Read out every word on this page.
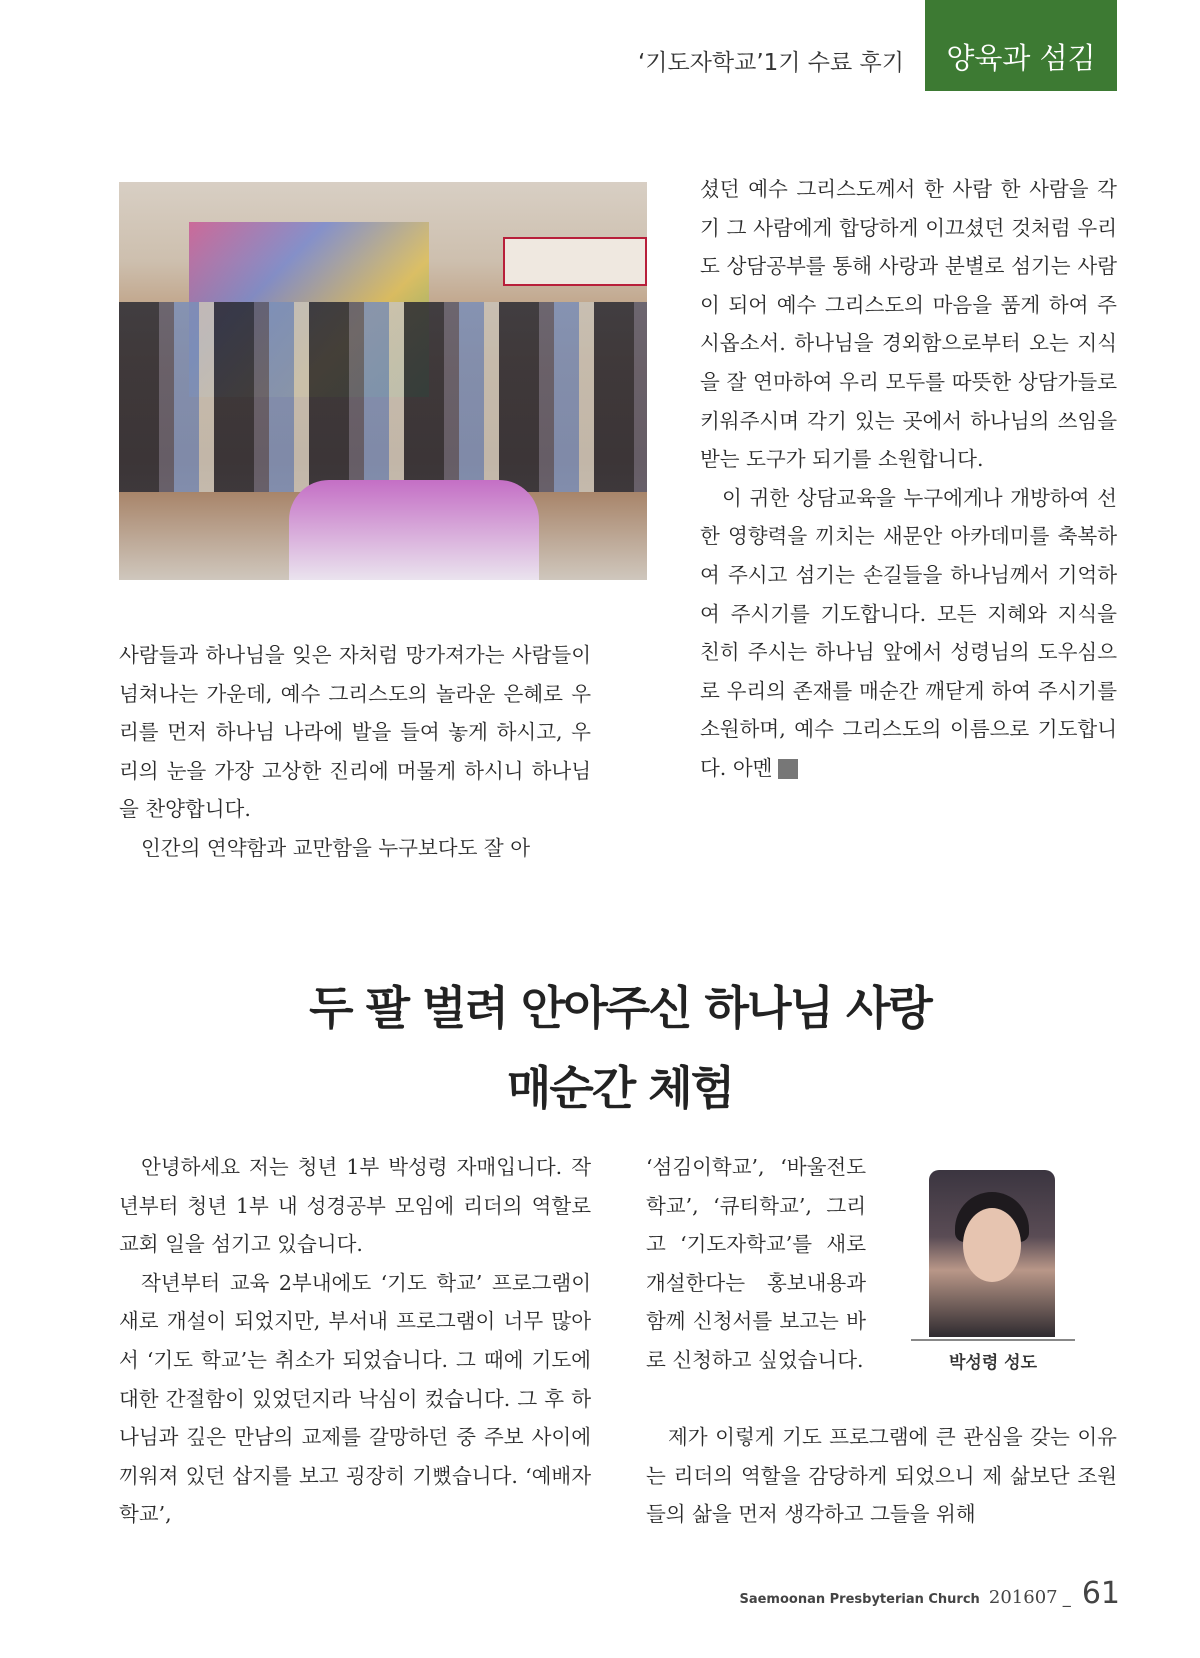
‘기도자학교’1기 수료 후기 양육과 섬김

셨던 예수 그리스도께서 한 사람 한 사람을 각기 그 사람에게 합당하게 이끄셨던 것처럼 우리도 상담공부를 통해 사랑과 분별로 섬기는 사람이 되어 예수 그리스도의 마음을 품게 하여 주시옵소서. 하나님을 경외함으로부터 오는 지식을 잘 연마하여 우리 모두를 따뜻한 상담가들로 키워주시며 각기 있는 곳에서 하나님의 쓰임을 받는 도구가 되기를 소원합니다.

이 귀한 상담교육을 누구에게나 개방하여 선한 영향력을 끼치는 새문안 아카데미를 축복하여 주시고 섬기는 손길들을 하나님께서 기억하여 주시기를 기도합니다. 모든 지혜와 지식을 친히 주시는 하나님 앞에서 성령님의 도우심으로 우리의 존재를 매순간 깨닫게 하여 주시기를 소원하며, 예수 그리스도의 이름으로 기도합니다. 아멘 새

사람들과 하나님을 잊은 자처럼 망가져가는 사람들이 넘쳐나는 가운데, 예수 그리스도의 놀라운 은혜로 우리를 먼저 하나님 나라에 발을 들여 놓게 하시고, 우리의 눈을 가장 고상한 진리에 머물게 하시니 하나님을 찬양합니다.

인간의 연약함과 교만함을 누구보다도 잘 아

두 팔 벌려 안아주신 하나님 사랑
매순간 체험

안녕하세요 저는 청년 1부 박성령 자매입니다. 작년부터 청년 1부 내 성경공부 모임에 리더의 역할로 교회 일을 섬기고 있습니다.

작년부터 교육 2부내에도 ‘기도 학교’ 프로그램이 새로 개설이 되었지만, 부서내 프로그램이 너무 많아서 ‘기도 학교’는 취소가 되었습니다. 그 때에 기도에 대한 간절함이 있었던지라 낙심이 컸습니다. 그 후 하나님과 깊은 만남의 교제를 갈망하던 중 주보 사이에 끼워져 있던 삽지를 보고 굉장히 기뻤습니다. ‘예배자학교’,

‘섬김이학교’, ‘바울전도학교’, ‘큐티학교’, 그리고 ‘기도자학교’를 새로 개설한다는 홍보내용과 함께 신청서를 보고는 바로 신청하고 싶었습니다.	박성령 성도
제가 이렇게 기도 프로그램에 큰 관심을 갖는 이유는 리더의 역할을 감당하게 되었으니 제 삶보단 조원들의 삶을 먼저 생각하고 그들을 위해
Saemoonan Presbyterian Church 201607 _ 61
